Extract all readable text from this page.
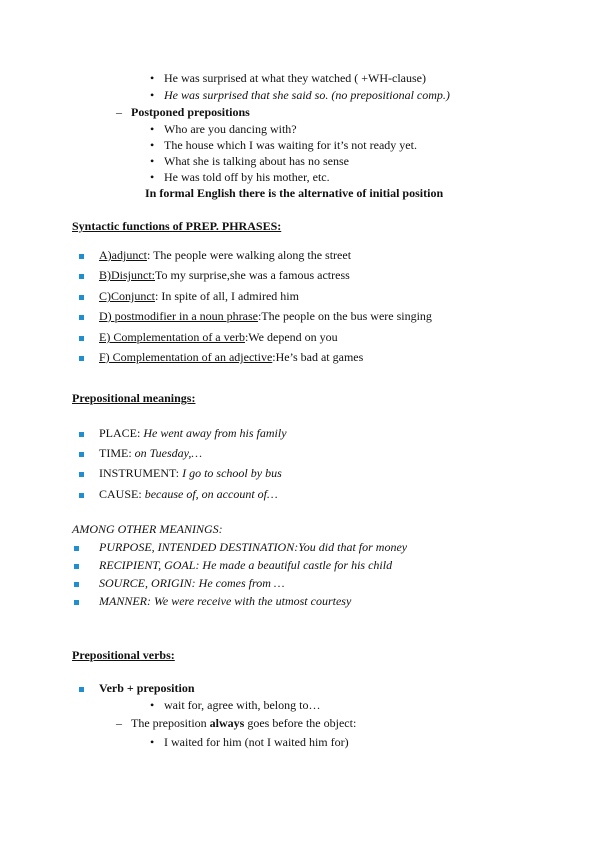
• He was surprised at what they watched ( +WH-clause)
• He was surprised that she said so. (no prepositional comp.)
– Postponed prepositions
• Who are you dancing with?
• The house which I was waiting for it’s not ready yet.
• What she is talking about has no sense
• He was told off by his mother, etc.
In formal English there is the alternative of initial position
Syntactic functions of PREP. PHRASES:
A)adjunct: The people were walking along the street
B)Disjunct:To my surprise,she was a famous actress
C)Conjunct: In spite of all, I admired him
D) postmodifier in a noun phrase:The people on the bus were singing
E) Complementation of a verb:We depend on you
F) Complementation of an adjective:He’s bad at games
Prepositional meanings:
PLACE: He went away from his family
TIME: on Tuesday,…
INSTRUMENT: I go to school by bus
CAUSE: because of, on account of…
AMONG OTHER MEANINGS:
PURPOSE, INTENDED DESTINATION:You did that for money
RECIPIENT, GOAL: He made a beautiful castle for his child
SOURCE, ORIGIN: He comes from …
MANNER: We were receive with the utmost courtesy
Prepositional verbs:
Verb + preposition
• wait for, agree with, belong to…
– The preposition always goes before the object:
• I waited for him (not I waited him for)
